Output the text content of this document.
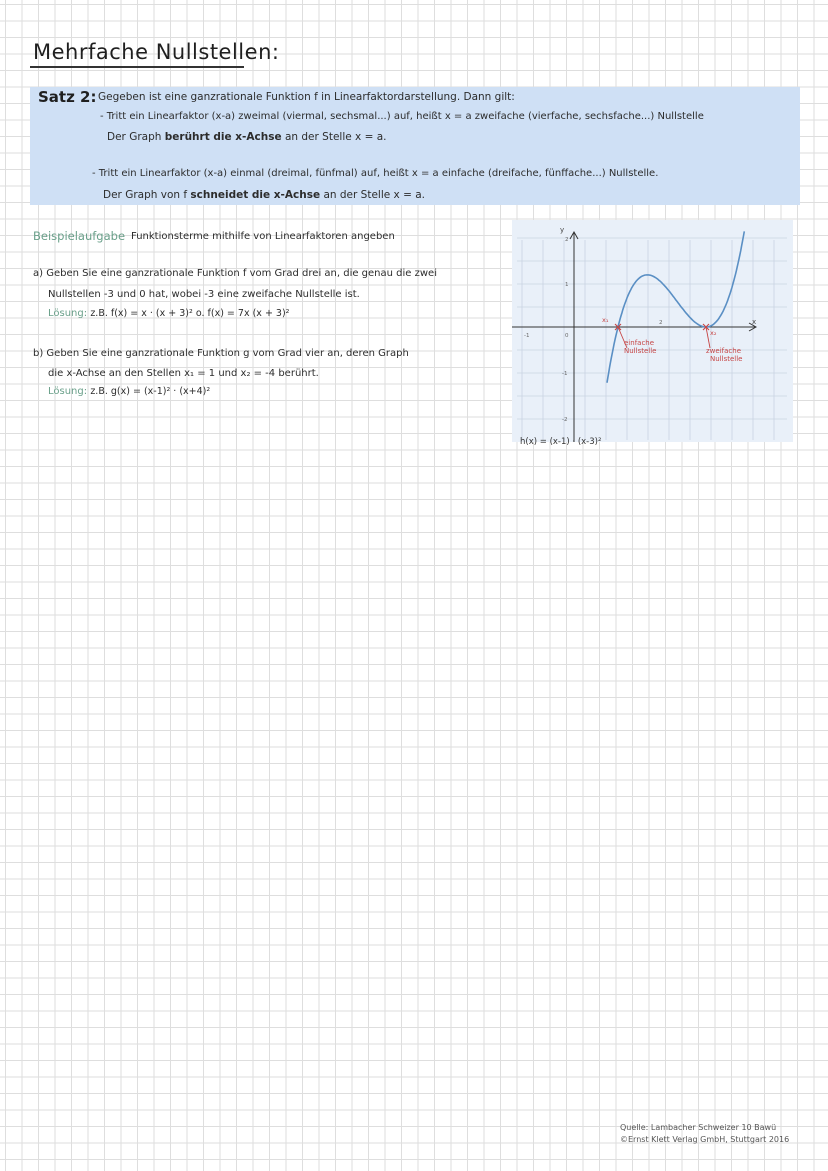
Mehrfache Nullstellen:
Satz 2: Gegeben ist eine ganzrationale Funktion f in Linearfaktordarstellung. Dann gilt:
- Tritt ein Linearfaktor (x-a) zweimal (viermal, sechsmal...) auf, heißt x = a zweifache (vierfache, sechsfache...) Nullstelle
Der Graph berührt die x-Achse an der Stelle x = a.
- Tritt ein Linearfaktor (x-a) einmal (dreimal, fünfmal) auf, heißt x = a einfache (dreifache, fünffache...) Nullstelle.
Der Graph von f schneidet die x-Achse an der Stelle x = a.
Beispielaufgabe Funktionsterme mithilfe von Linearfaktoren angeben
a) Geben Sie eine ganzrationale Funktion f vom Grad drei an, die genau die zwei
Nullstellen -3 und 0 hat, wobei -3 eine zweifache Nullstelle ist.
Lösung: z.B. f(x) = x · (x + 3)² o. f(x) = 7x (x + 3)²
b) Geben Sie eine ganzrationale Funktion g vom Grad vier an, deren Graph
die x-Achse an den Stellen x₁ = 1 und x₂ = -4 berührt.
Lösung: z.B. g(x) = (x-1)² · (x+4)²
y
x
2
1
-1
-2
-1	0
2
x₁
x₂
einfache
Nullstelle	zweifache
Nullstelle
h(x) = (x-1) · (x-3)²
Quelle: Lambacher Schweizer 10 Bawü
©Ernst Klett Verlag GmbH, Stuttgart 2016
